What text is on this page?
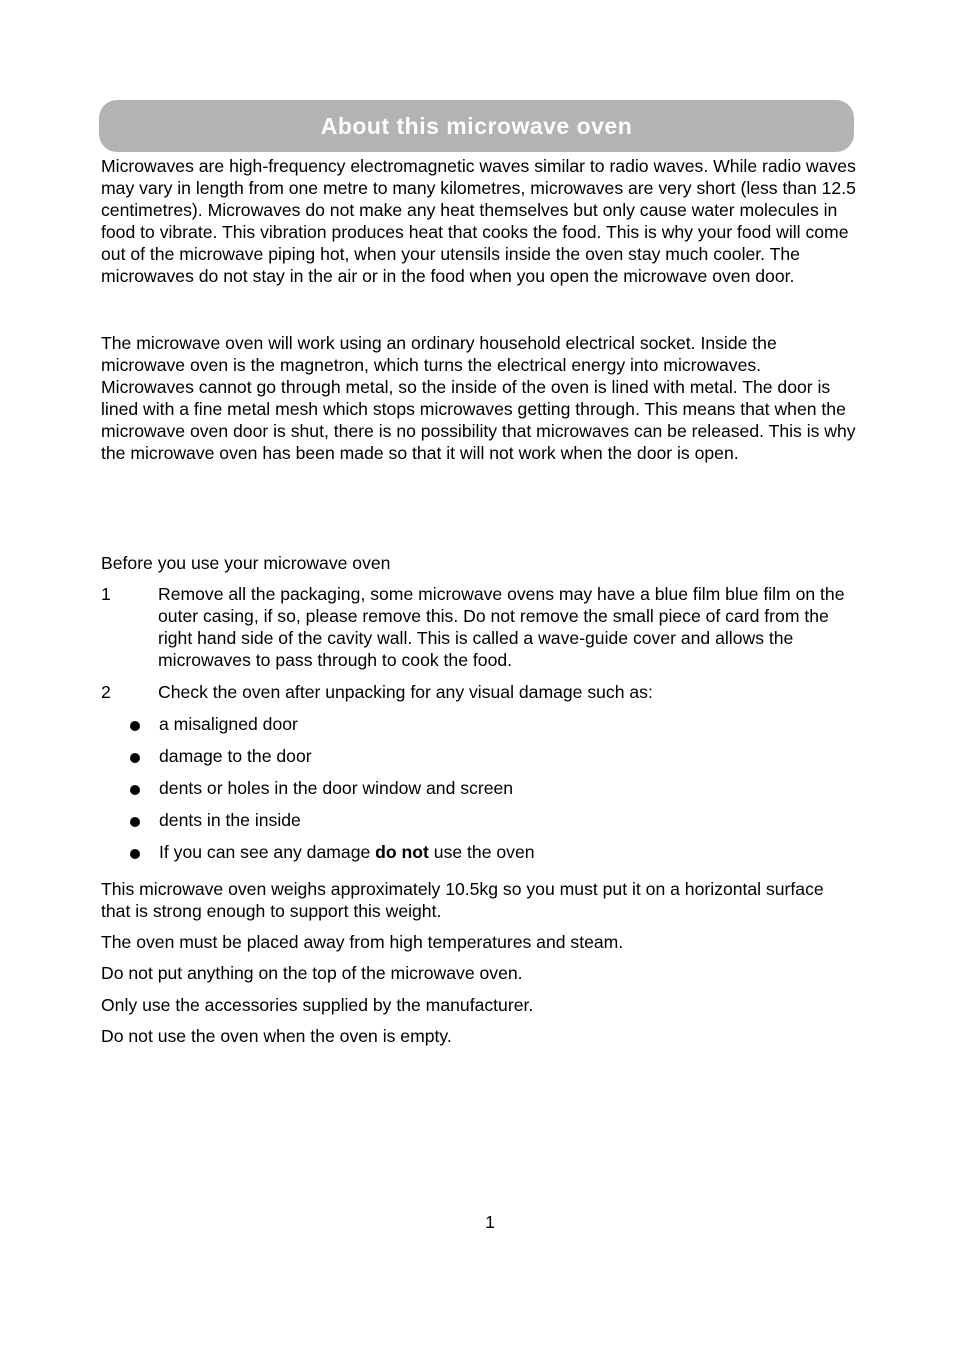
About this microwave oven

Microwaves are high-frequency electromagnetic waves similar to radio waves. While radio waves may vary in length from one metre to many kilometres, microwaves are very short (less than 12.5 centimetres). Microwaves do not make any heat themselves but only cause water molecules in food to vibrate. This vibration produces heat that cooks the food. This is why your food will come out of the microwave piping hot, when your utensils inside the oven stay much cooler. The microwaves do not stay in the air or in the food when you open the microwave oven door.

The microwave oven will work using an ordinary household electrical socket. Inside the microwave oven is the magnetron, which turns the electrical energy into microwaves. Microwaves cannot go through metal, so the inside of the oven is lined with metal. The door is lined with a fine metal mesh which stops microwaves getting through. This means that when the microwave oven door is shut, there is no possibility that microwaves can be released. This is why the microwave oven has been made so that it will not work when the door is open.

Before you use your microwave oven

1	Remove all the packaging, some microwave ovens may have a blue film blue film on the outer casing, if so, please remove this. Do not remove the small piece of card from the right hand side of the cavity wall. This is called a wave-guide cover and allows the microwaves to pass through to cook the food.
2	Check the oven after unpacking for any visual damage such as:
a misaligned door
damage to the door
dents or holes in the door window and screen
dents in the inside
If you can see any damage do not use the oven

This microwave oven weighs approximately 10.5kg so you must put it on a horizontal surface that is strong enough to support this weight.

The oven must be placed away from high temperatures and steam.

Do not put anything on the top of the microwave oven.

Only use the accessories supplied by the manufacturer.

Do not use the oven when the oven is empty.

1
